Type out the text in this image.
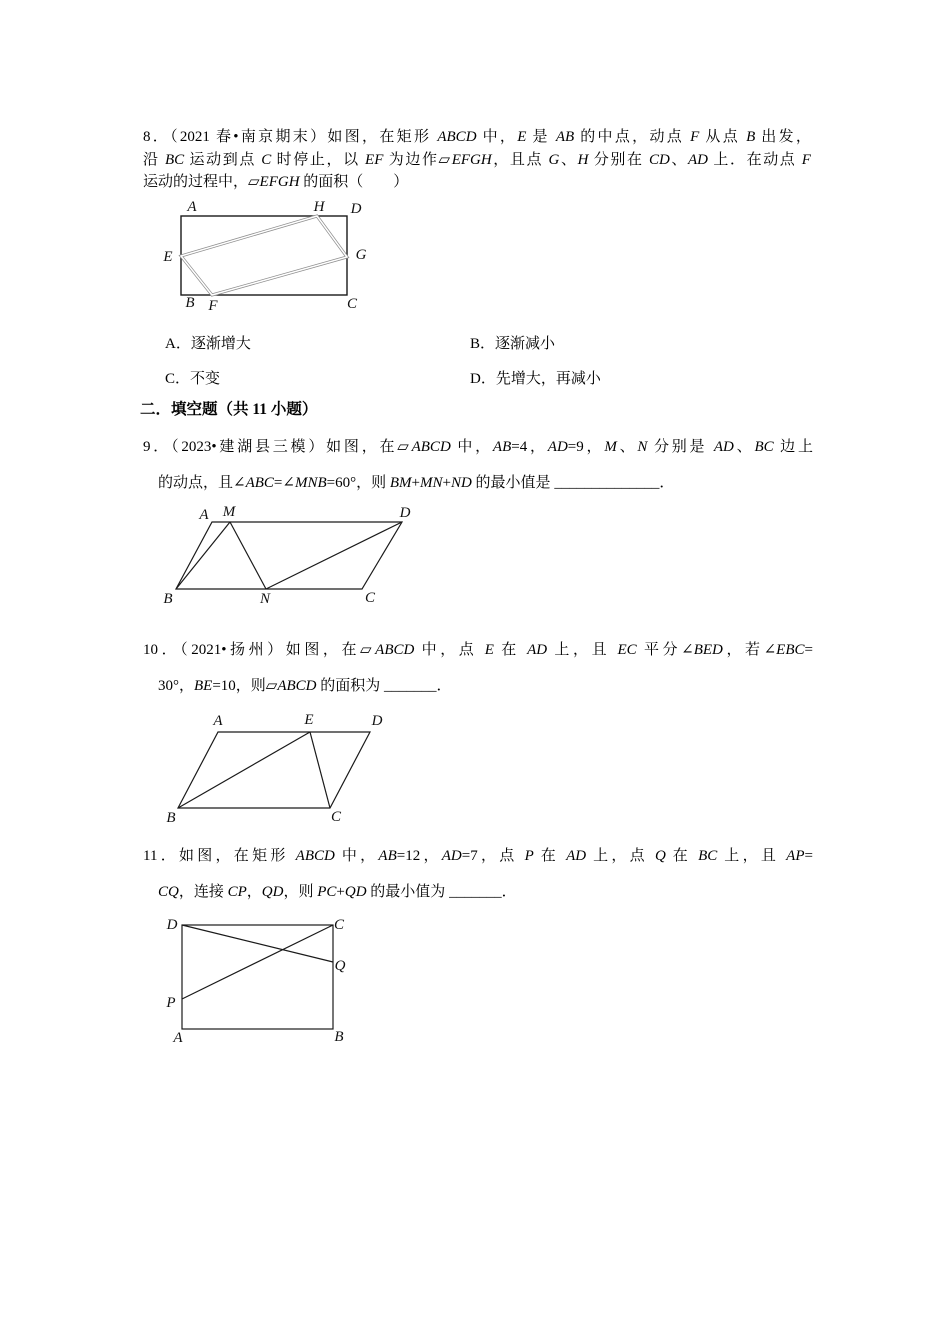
8．（2021 春•南京期末）如图，在矩形 ABCD 中，E 是 AB 的中点，动点 F 从点 B 出发，
沿 BC 运动到点 C 时停止，以 EF 为边作▱EFGH，且点 G、H 分别在 CD、AD 上．在动点 F
运动的过程中，▱EFGH 的面积（　　）
A	H D
E	G
B F	C
A．逐渐增大	B．逐渐减小
C．不变	D．先增大，再减小
二．填空题（共 11 小题）
9．（2023•建湖县三模）如图，在▱ABCD 中，AB=4，AD=9，M、N 分别是 AD、BC 边上
的动点，且∠ABC=∠MNB=60°，则 BM+MN+ND 的最小值是 ______________．
A M	D
B	N	C
10．（2021•扬州）如图，在▱ABCD 中，点 E 在 AD 上，且 EC 平分∠BED，若∠EBC=
30°，BE=10，则▱ABCD 的面积为 _______．
A	E	D
B	C
11．如图，在矩形 ABCD 中，AB=12，AD=7，点 P 在 AD 上，点 Q 在 BC 上，且 AP=
CQ，连接 CP，QD，则 PC+QD 的最小值为 _______．
D	C
Q
P
A	B
